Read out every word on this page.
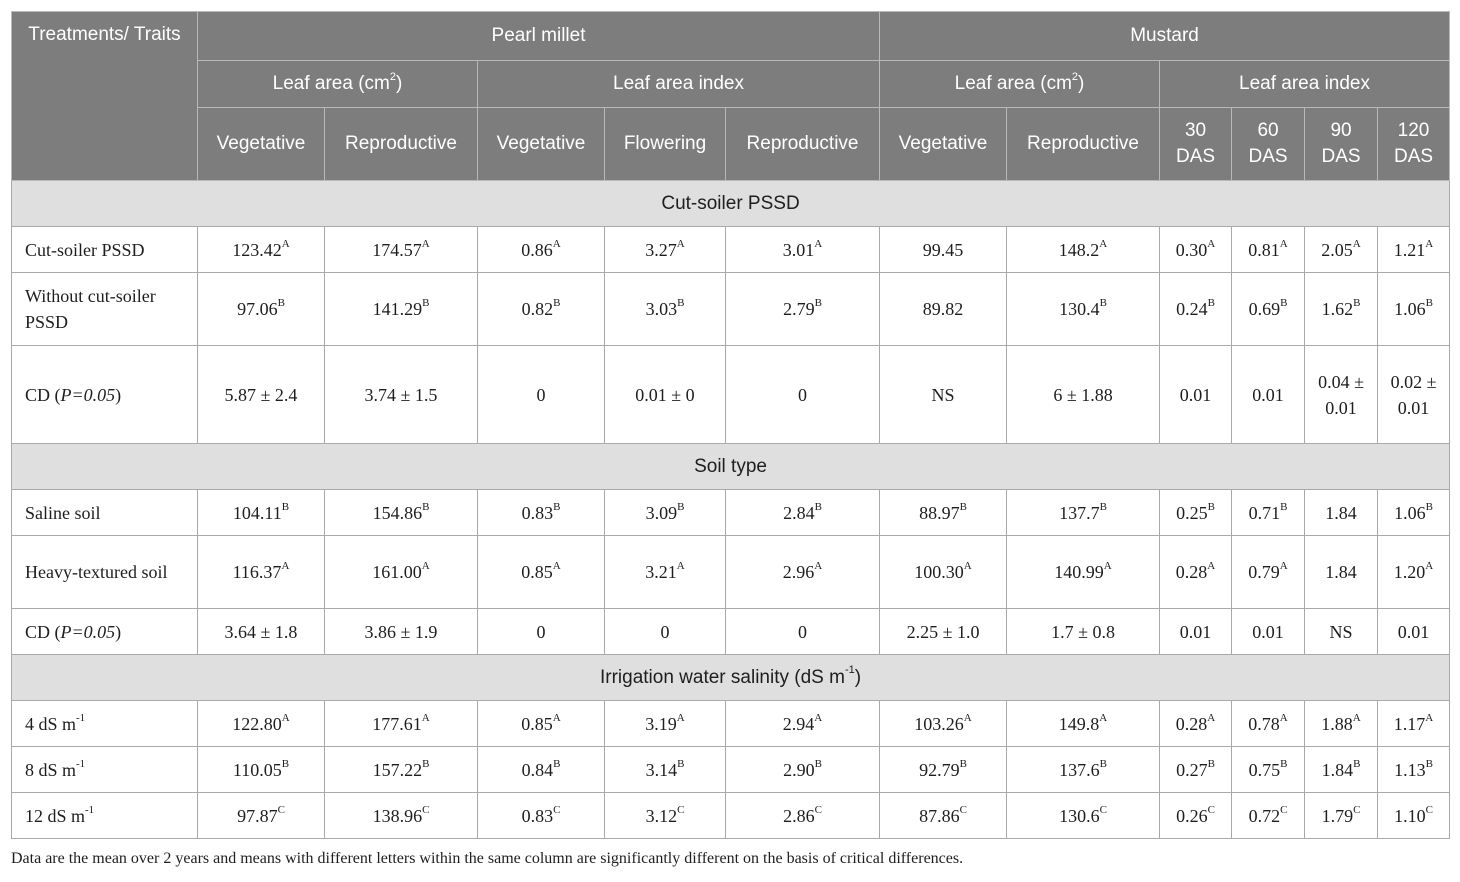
Treatments/ Traits	Pearl millet					Mustard					
	Leaf area $(cm^2)$		Leaf area index			Leaf area $(cm^2)$		Leaf area index			
	Vegetative	Reproductive	Vegetative	Flowering	Reproductive	Vegetative	Reproductive	30 DAS	60 DAS	90 DAS	120 DAS
Cut-soiler PSSD											
Cut-soiler PSSD	$123.42^A$	$174.57^A$	$0.86^A$	$3.27^A$	$3.01^A$	99.45	$148.2^A$	$0.30^A$	$0.81^A$	$2.05^A$	$1.21^A$
Without cut-soiler PSSD	$97.06^B$	$141.29^B$	$0.82^B$	$3.03^B$	$2.79^B$	89.82	$130.4^B$	$0.24^B$	$0.69^B$	$1.62^B$	$1.06^B$
CD (P=0.05)	5.87 ± 2.4	3.74 ± 1.5	0	0.01 ± 0	0	NS	6 ± 1.88	0.01	0.01	0.04 ± 0.01	0.02 ± 0.01
Soil type											
Saline soil	$104.11^B$	$154.86^B$	$0.83^B$	$3.09^B$	$2.84^B$	$88.97^B$	$137.7^B$	$0.25^B$	$0.71^B$	1.84	$1.06^B$
Heavy-textured soil	$116.37^A$	$161.00^A$	$0.85^A$	$3.21^A$	$2.96^A$	$100.30^A$	$140.99^A$	$0.28^A$	$0.79^A$	1.84	$1.20^A$
CD (P=0.05)	3.64 ± 1.8	3.86 ± 1.9	0	0	0	2.25 ± 1.0	1.7 ± 0.8	0.01	0.01	NS	0.01
Irrigation water salinity (dS $m^{-1}$)											
4 dS $m^{-1}$	$122.80^A$	$177.61^A$	$0.85^A$	$3.19^A$	$2.94^A$	$103.26^A$	$149.8^A$	$0.28^A$	$0.78^A$	$1.88^A$	$1.17^A$
8 dS $m^{-1}$	$110.05^B$	$157.22^B$	$0.84^B$	$3.14^B$	$2.90^B$	$92.79^B$	$137.6^B$	$0.27^B$	$0.75^B$	$1.84^B$	$1.13^B$
12 dS $m^{-1}$	$97.87^C$	$138.96^C$	$0.83^C$	$3.12^C$	$2.86^C$	$87.86^C$	$130.6^C$	$0.26^C$	$0.72^C$	$1.79^C$	$1.10^C$
Data are the mean over 2 years and means with different letters within the same column are significantly different on the basis of critical differences.
